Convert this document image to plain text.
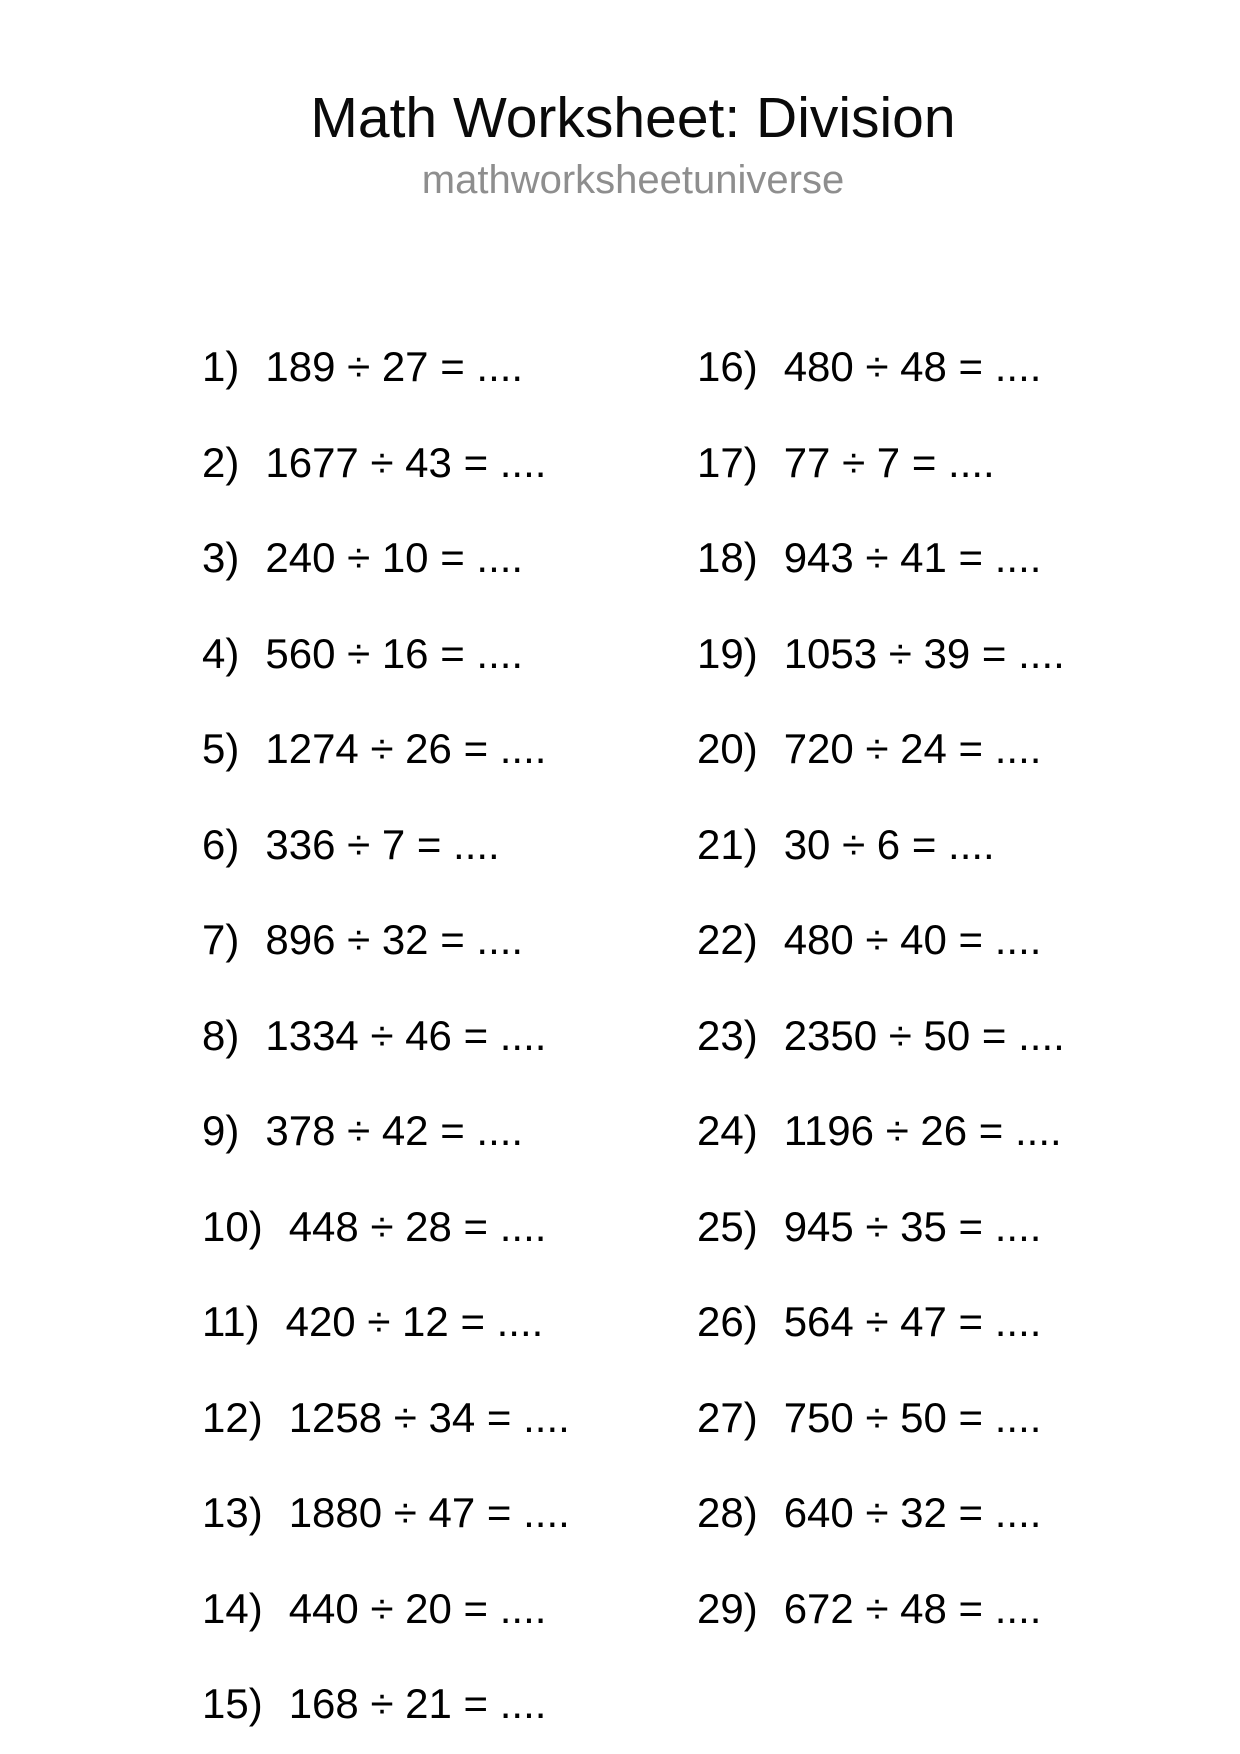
Math Worksheet: Division
mathworksheetuniverse
1) 189 ÷ 27 = ....
2) 1677 ÷ 43 = ....
3) 240 ÷ 10 = ....
4) 560 ÷ 16 = ....
5) 1274 ÷ 26 = ....
6) 336 ÷ 7 = ....
7) 896 ÷ 32 = ....
8) 1334 ÷ 46 = ....
9) 378 ÷ 42 = ....
10) 448 ÷ 28 = ....
11) 420 ÷ 12 = ....
12) 1258 ÷ 34 = ....
13) 1880 ÷ 47 = ....
14) 440 ÷ 20 = ....
15) 168 ÷ 21 = ....
16) 480 ÷ 48 = ....
17) 77 ÷ 7 = ....
18) 943 ÷ 41 = ....
19) 1053 ÷ 39 = ....
20) 720 ÷ 24 = ....
21) 30 ÷ 6 = ....
22) 480 ÷ 40 = ....
23) 2350 ÷ 50 = ....
24) 1196 ÷ 26 = ....
25) 945 ÷ 35 = ....
26) 564 ÷ 47 = ....
27) 750 ÷ 50 = ....
28) 640 ÷ 32 = ....
29) 672 ÷ 48 = ....
